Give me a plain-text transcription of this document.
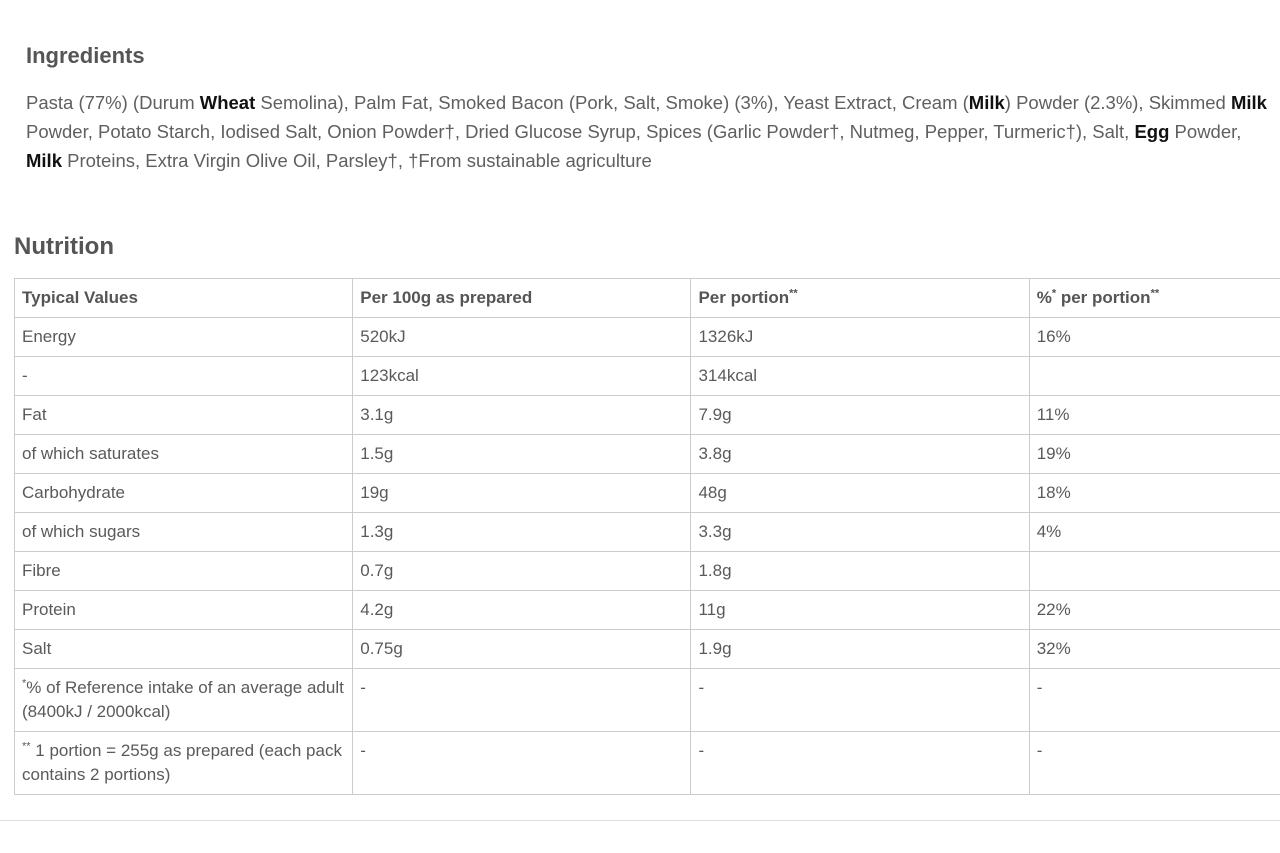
Ingredients

Pasta (77%) (Durum Wheat Semolina), Palm Fat, Smoked Bacon (Pork, Salt, Smoke) (3%), Yeast Extract, Cream (Milk) Powder (2.3%), Skimmed Milk Powder, Potato Starch, Iodised Salt, Onion Powder†, Dried Glucose Syrup, Spices (Garlic Powder†, Nutmeg, Pepper, Turmeric†), Salt, Egg Powder, Milk Proteins, Extra Virgin Olive Oil, Parsley†, †From sustainable agriculture

Nutrition
Typical Values	Per 100g as prepared	Per portion**	%* per portion**
Energy	520kJ	1326kJ	16%
-	123kcal	314kcal	
Fat	3.1g	7.9g	11%
of which saturates	1.5g	3.8g	19%
Carbohydrate	19g	48g	18%
of which sugars	1.3g	3.3g	4%
Fibre	0.7g	1.8g	
Protein	4.2g	11g	22%
Salt	0.75g	1.9g	32%
*% of Reference intake of an average adult (8400kJ / 2000kcal)	-	-	-
** 1 portion = 255g as prepared (each pack contains 2 portions)	-	-	-
